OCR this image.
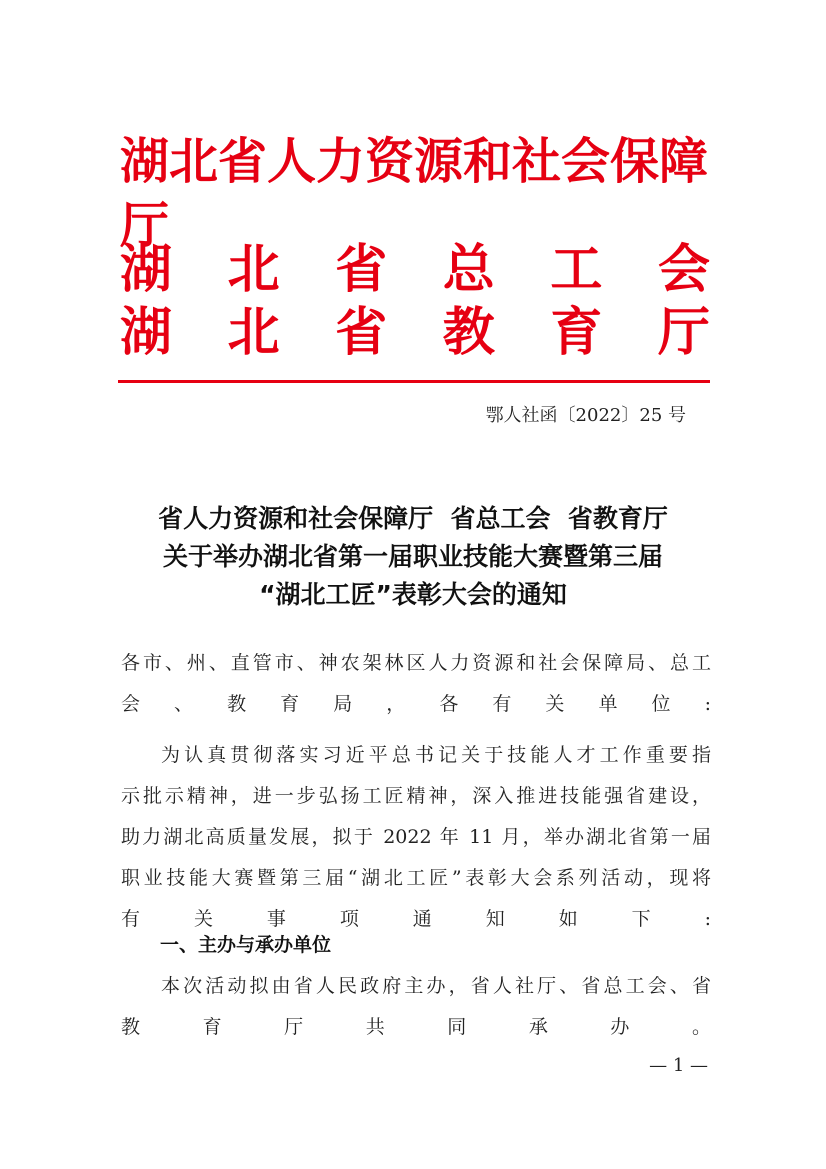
湖北省人力资源和社会保障厅
湖 北 省 总 工 会
湖 北 省 教 育 厅
鄂人社函〔2022〕25 号
省人力资源和社会保障厅  省总工会  省教育厅
关于举办湖北省第一届职业技能大赛暨第三届
“湖北工匠”表彰大会的通知
各市、州、直管市、神农架林区人力资源和社会保障局、总工
会、教育局，各有关单位:
为认真贯彻落实习近平总书记关于技能人才工作重要指
示批示精神，进一步弘扬工匠精神，深入推进技能强省建设，
助力湖北高质量发展，拟于 2022 年 11 月，举办湖北省第一届
职业技能大赛暨第三届“湖北工匠”表彰大会系列活动，现将
有关事项通知如下:
一、主办与承办单位
本次活动拟由省人民政府主办，省人社厅、省总工会、省
教育厅共同承办。
— 1 —
